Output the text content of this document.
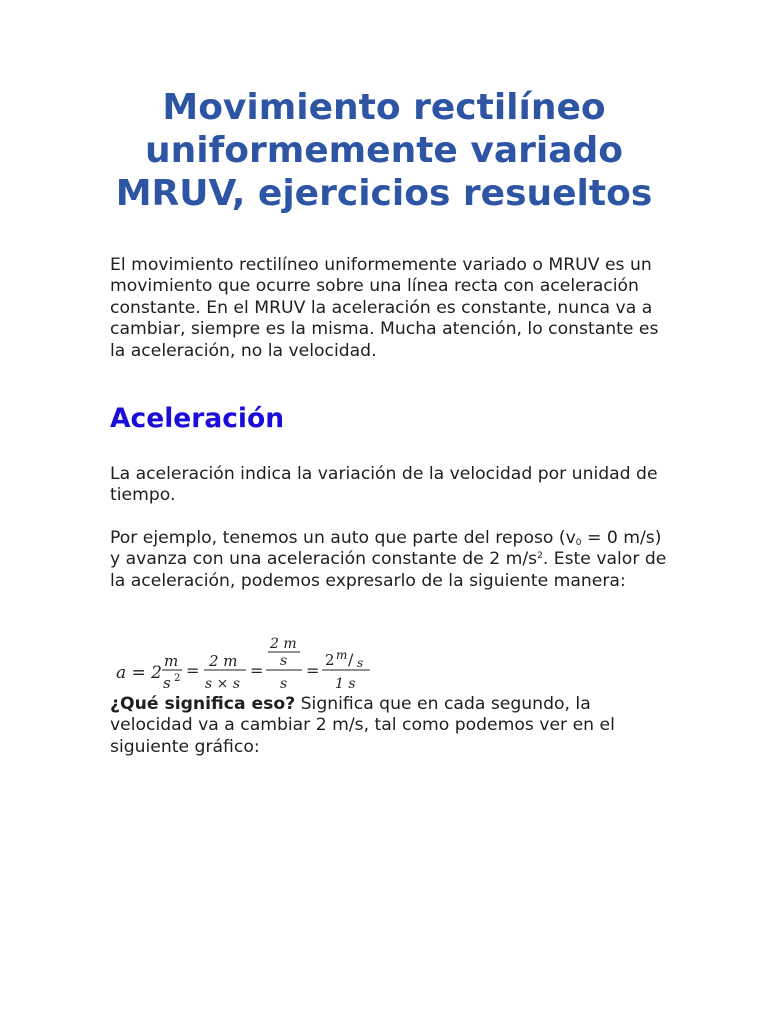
Movimiento rectilíneo uniformemente variado MRUV, ejercicios resueltos

El movimiento rectilíneo uniformemente variado o MRUV es un movimiento que ocurre sobre una línea recta con aceleración constante. En el MRUV la aceleración es constante, nunca va a cambiar, siempre es la misma. Mucha atención, lo constante es la aceleración, no la velocidad.

Aceleración

La aceleración indica la variación de la velocidad por unidad de tiempo.

Por ejemplo, tenemos un auto que parte del reposo ($v_0 = 0$ m/s) y avanza con una aceleración constante de 2 $m/s^2$. Este valor de la aceleración, podemos expresarlo de la siguiente manera:

a = 2
m
s 2 = 2 m
s × s
=
2 m
s
s
=
2 m / s
1 s

¿Qué significa eso? Significa que en cada segundo, la velocidad va a cambiar 2 m/s, tal como podemos ver en el siguiente gráfico:
